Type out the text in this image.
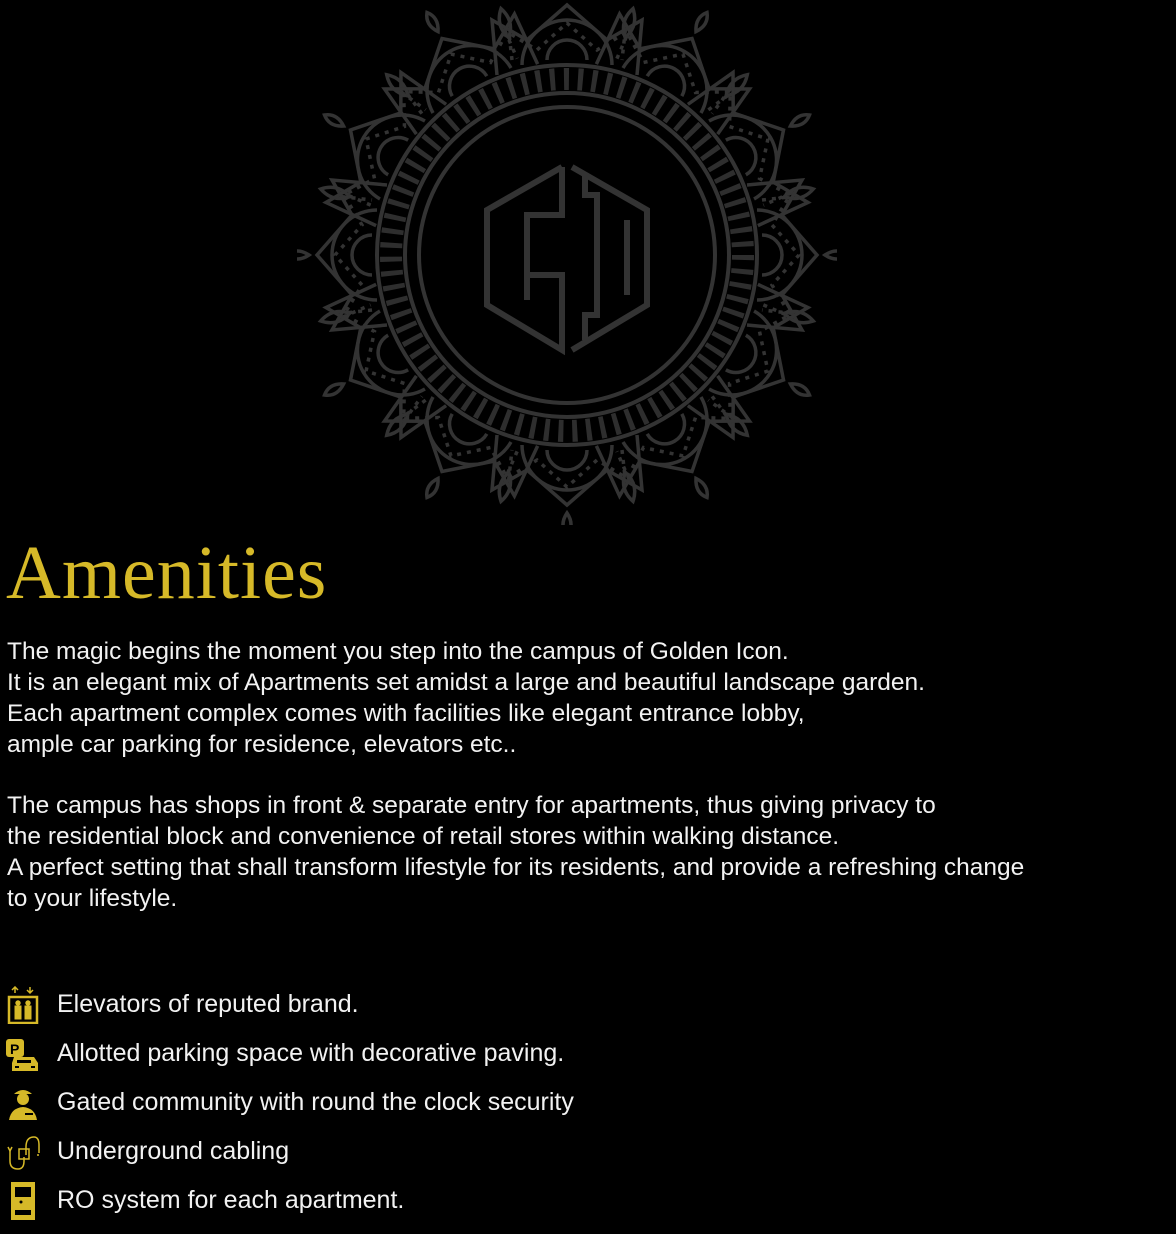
Amenities

The magic begins the moment you step into the campus of Golden Icon.
It is an elegant mix of Apartments set amidst a large and beautiful landscape garden.
Each apartment complex comes with facilities like elegant entrance lobby,
ample car parking for residence, elevators etc..

The campus has shops in front & separate entry for apartments, thus giving privacy to
the residential block and convenience of retail stores within walking distance.
A perfect setting that shall transform lifestyle for its residents, and provide a refreshing change
to your lifestyle.

Elevators of reputed brand.
P Allotted parking space with decorative paving.
Gated community with round the clock security
Underground cabling
RO system for each apartment.
